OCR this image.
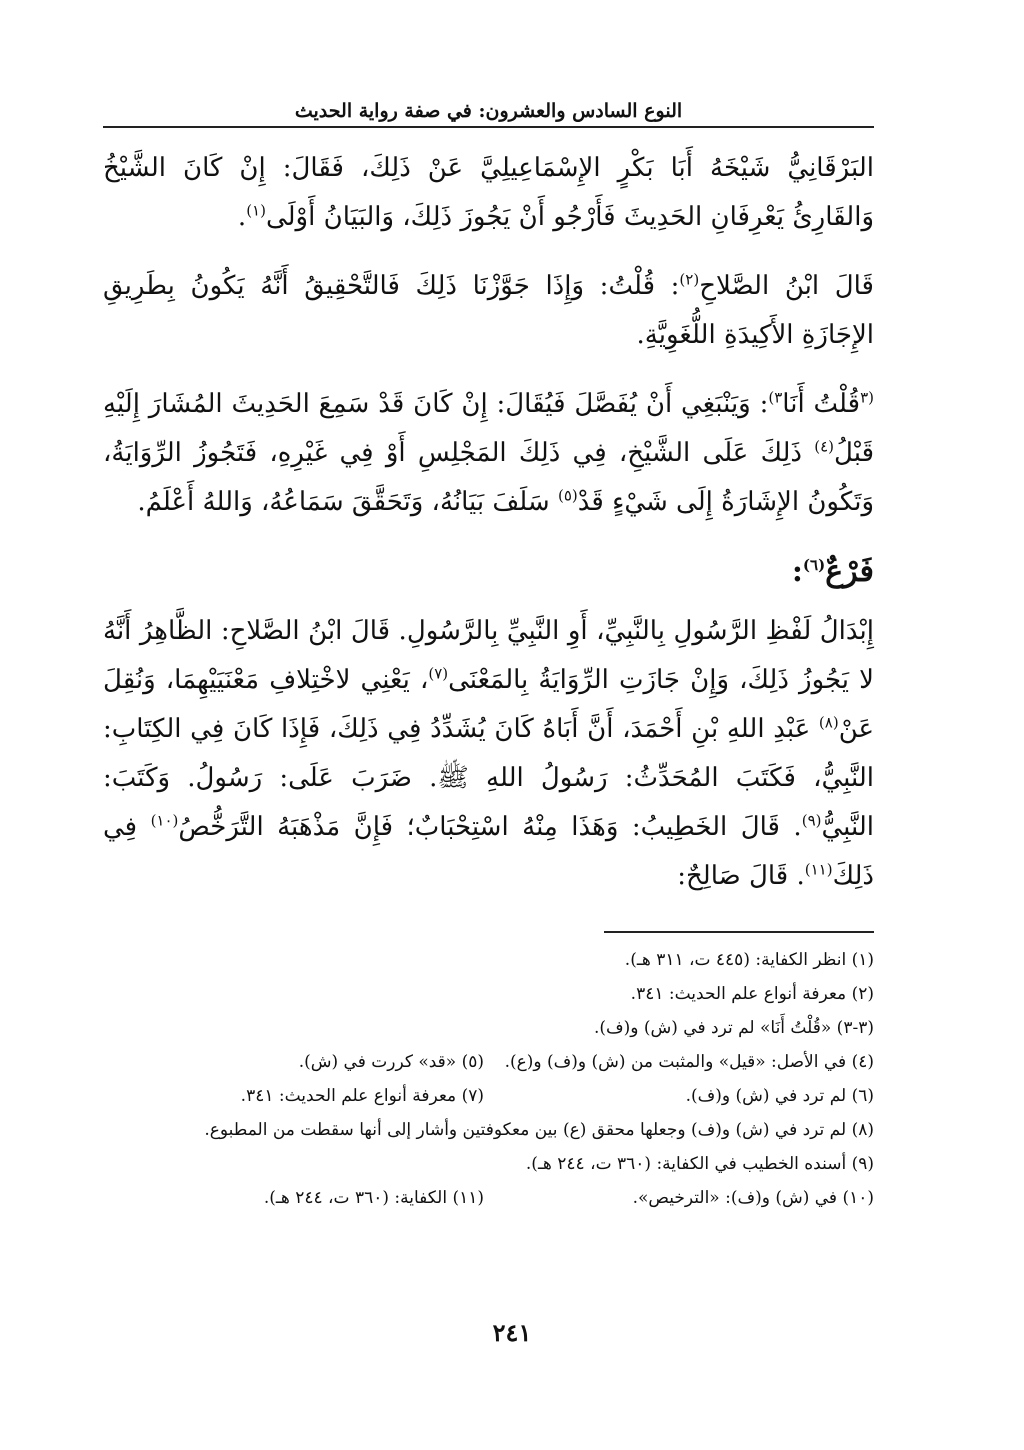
النوع السادس والعشرون: في صفة رواية الحديث

البَرْقَانِيُّ شَيْخَهُ أَبَا بَكْرٍ الإِسْمَاعِيلِيَّ عَنْ ذَلِكَ، فَقَالَ: إِنْ كَانَ الشَّيْخُ وَالقَارِئُ يَعْرِفَانِ الحَدِيثَ فَأَرْجُو أَنْ يَجُوزَ ذَلِكَ، وَالبَيَانُ أَوْلَى$^{(١)}$.

قَالَ ابْنُ الصَّلاحِ$^{(٢)}$: قُلْتُ: وَإِذَا جَوَّزْنَا ذَلِكَ فَالتَّحْقِيقُ أَنَّهُ يَكُونُ بِطَرِيقِ الإِجَازَةِ الأَكِيدَةِ اللُّغَوِيَّةِ.

$^{(٣}$قُلْتُ أَنَا$^{٣)}$: وَيَنْبَغِي أَنْ يُفَصَّلَ فَيُقَالَ: إِنْ كَانَ قَدْ سَمِعَ الحَدِيثَ المُشَارَ إِلَيْهِ قَبْلُ$^{(٤)}$ ذَلِكَ عَلَى الشَّيْخِ، فِي ذَلِكَ المَجْلِسِ أَوْ فِي غَيْرِهِ، فَتَجُوزُ الرِّوَايَةُ، وَتَكُونُ الإِشَارَةُ إِلَى شَيْءٍ قَدْ$^{(٥)}$ سَلَفَ بَيَانُهُ، وَتَحَقَّقَ سَمَاعُهُ، وَاللهُ أَعْلَمُ.

فَرْعٌ$^{(٦)}$:

إِبْدَالُ لَفْظِ الرَّسُولِ بِالنَّبِيِّ، أَوِ النَّبِيِّ بِالرَّسُولِ. قَالَ ابْنُ الصَّلاحِ: الظَّاهِرُ أَنَّهُ لا يَجُوزُ ذَلِكَ، وَإِنْ جَازَتِ الرِّوَايَةُ بِالمَعْنَى$^{(٧)}$، يَعْنِي لاخْتِلافِ مَعْنَيَيْهِمَا، وَنُقِلَ عَنْ$^{(٨)}$ عَبْدِ اللهِ بْنِ أَحْمَدَ، أَنَّ أَبَاهُ كَانَ يُشَدِّدُ فِي ذَلِكَ، فَإِذَا كَانَ فِي الكِتَابِ: النَّبِيُّ، فَكَتَبَ المُحَدِّثُ: رَسُولُ اللهِ ﷺ. ضَرَبَ عَلَى: رَسُولُ. وَكَتَبَ: النَّبِيُّ$^{(٩)}$. قَالَ الخَطِيبُ: وَهَذَا مِنْهُ اسْتِحْبَابٌ؛ فَإِنَّ مَذْهَبَهُ التَّرَخُّصُ$^{(١٠)}$ فِي ذَلِكَ$^{(١١)}$. قَالَ صَالِحٌ:

(١) انظر الكفاية: (٤٤٥ ت، ٣١١ هـ).

(٢) معرفة أنواع علم الحديث: ٣٤١.

(٣-٣) «قُلْتُ أَنَا» لم ترد في (ش) و(ف).

(٤) في الأصل: «قيل» والمثبت من (ش) و(ف) و(ع).
(٥) «قد» كررت في (ش).
(٦) لم ترد في (ش) و(ف).
(٧) معرفة أنواع علم الحديث: ٣٤١.

(٨) لم ترد في (ش) و(ف) وجعلها محقق (ع) بين معكوفتين وأشار إلى أنها سقطت من المطبوع.

(٩) أسنده الخطيب في الكفاية: (٣٦٠ ت، ٢٤٤ هـ).

(١٠) في (ش) و(ف): «الترخيص».
(١١) الكفاية: (٣٦٠ ت، ٢٤٤ هـ).
٢٤١
